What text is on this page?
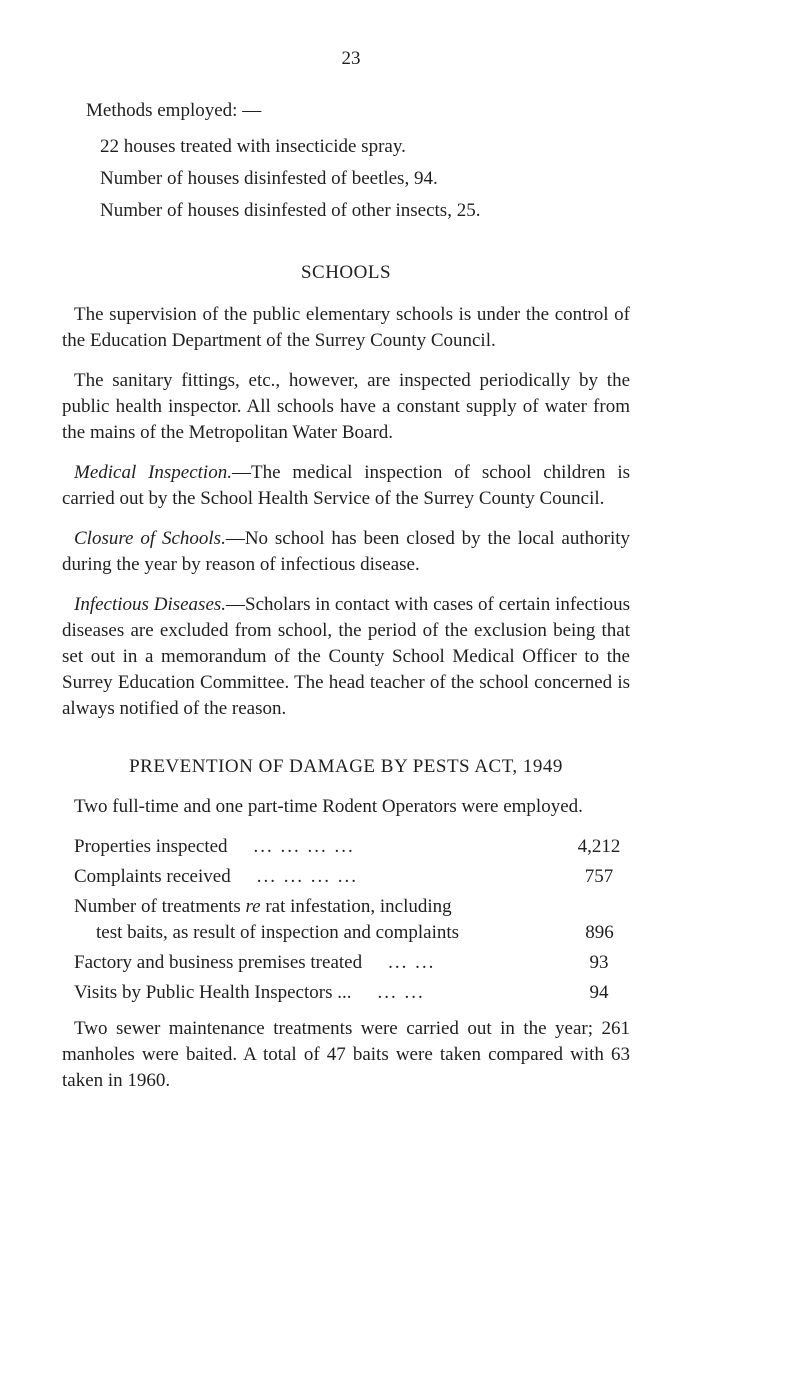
23

Methods employed: —

22 houses treated with insecticide spray.

Number of houses disinfested of beetles, 94.

Number of houses disinfested of other insects, 25.

SCHOOLS

The supervision of the public elementary schools is under the control of the Education Department of the Surrey County Council.

The sanitary fittings, etc., however, are inspected periodically by the public health inspector. All schools have a constant supply of water from the mains of the Metropolitan Water Board.

Medical Inspection.—The medical inspection of school children is carried out by the School Health Service of the Surrey County Council.

Closure of Schools.—No school has been closed by the local authority during the year by reason of infectious disease.

Infectious Diseases.—Scholars in contact with cases of certain infectious diseases are excluded from school, the period of the exclusion being that set out in a memorandum of the County School Medical Officer to the Surrey Education Committee. The head teacher of the school concerned is always notified of the reason.

PREVENTION OF DAMAGE BY PESTS ACT, 1949

Two full-time and one part-time Rodent Operators were employed.

Properties inspected	... ... ... ...	4,212
Complaints received	... ... ... ...	757
Number of treatments re rat infestation, including
test baits, as result of inspection and complaints	896
Factory and business premises treated	... ...	93
Visits by Public Health Inspectors ...	... ...	94

Two sewer maintenance treatments were carried out in the year; 261 manholes were baited. A total of 47 baits were taken compared with 63 taken in 1960.
